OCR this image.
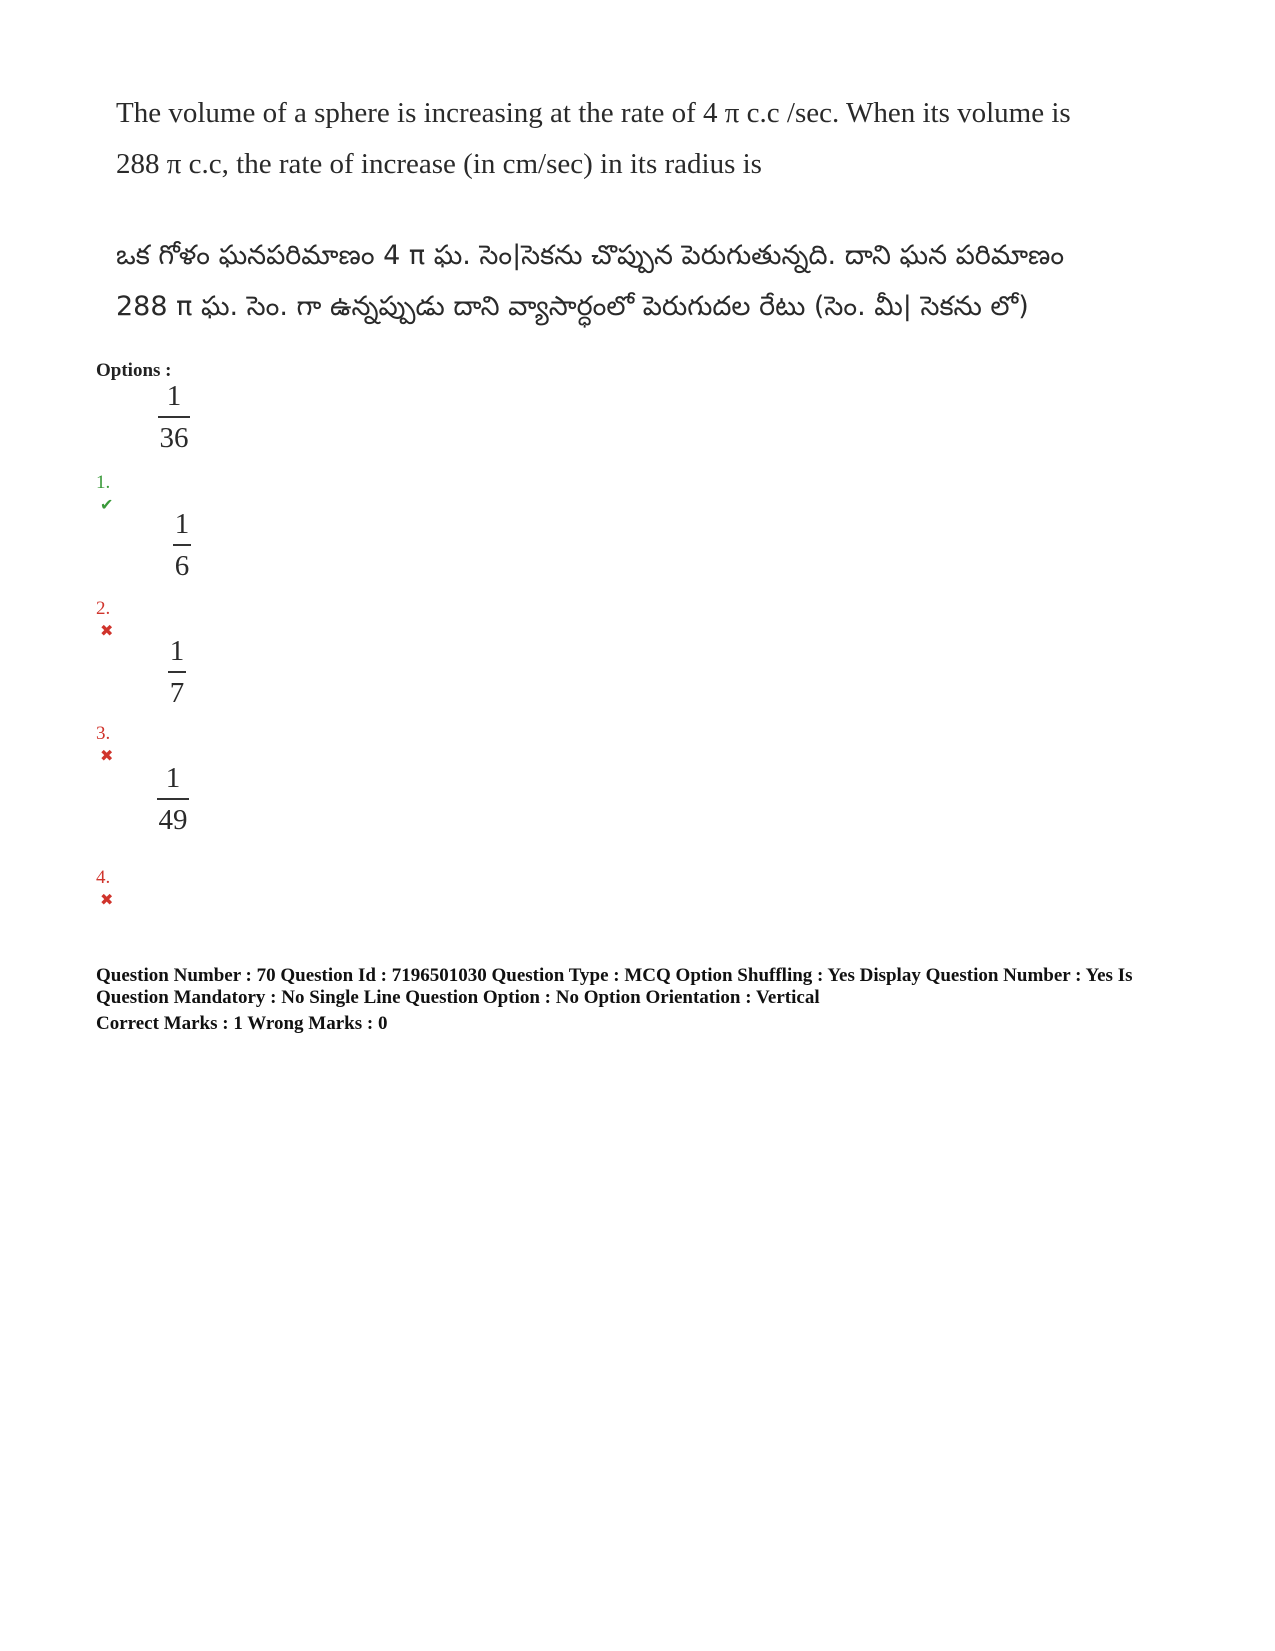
The volume of a sphere is increasing at the rate of 4 π c.c /sec. When its volume is
288 π c.c, the rate of increase (in cm/sec) in its radius is
ఒక గోళం ఘనపరిమాణం 4 π ఘ. సెం|సెకను చొప్పున పెరుగుతున్నది. దాని ఘన పరిమాణం
288 π ఘ. సెం. గా ఉన్నప్పుడు దాని వ్యాసార్ధంలో పెరుగుదల రేటు (సెం. మీ| సెకను లో)
Options :
1
36
1.✔
1
6
2.✖
1
7
3.✖
1
49
4.✖

Question Number : 70 Question Id : 7196501030 Question Type : MCQ Option Shuffling : Yes Display Question Number : Yes Is

Question Mandatory : No Single Line Question Option : No Option Orientation : Vertical

Correct Marks : 1 Wrong Marks : 0
